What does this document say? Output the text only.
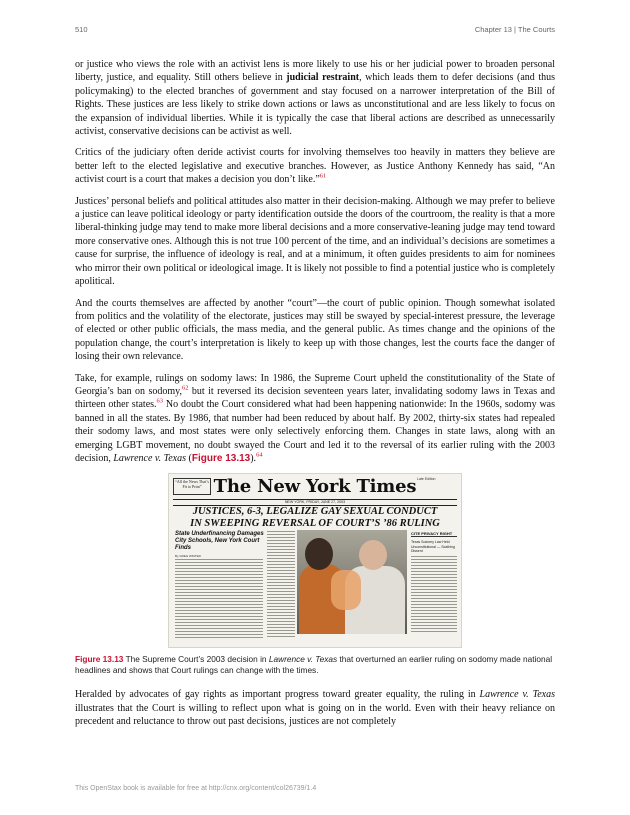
510	Chapter 13 | The Courts

or justice who views the role with an activist lens is more likely to use his or her judicial power to broaden personal liberty, justice, and equality. Still others believe in judicial restraint, which leads them to defer decisions (and thus policymaking) to the elected branches of government and stay focused on a narrower interpretation of the Bill of Rights. These justices are less likely to strike down actions or laws as unconstitutional and are less likely to focus on the expansion of individual liberties. While it is typically the case that liberal actions are described as unnecessarily activist, conservative decisions can be activist as well.

Critics of the judiciary often deride activist courts for involving themselves too heavily in matters they believe are better left to the elected legislative and executive branches. However, as Justice Anthony Kennedy has said, “An activist court is a court that makes a decision you don’t like.”$^{61}$

Justices’ personal beliefs and political attitudes also matter in their decision-making. Although we may prefer to believe a justice can leave political ideology or party identification outside the doors of the courtroom, the reality is that a more liberal-thinking judge may tend to make more liberal decisions and a more conservative-leaning judge may tend toward more conservative ones. Although this is not true 100 percent of the time, and an individual’s decisions are sometimes a cause for surprise, the influence of ideology is real, and at a minimum, it often guides presidents to aim for nominees who mirror their own political or ideological image. It is likely not possible to find a potential justice who is completely apolitical.

And the courts themselves are affected by another “court”—the court of public opinion. Though somewhat isolated from politics and the volatility of the electorate, justices may still be swayed by special-interest pressure, the leverage of elected or other public officials, the mass media, and the general public. As times change and the opinions of the population change, the court’s interpretation is likely to keep up with those changes, lest the courts face the danger of losing their own relevance.

Take, for example, rulings on sodomy laws: In 1986, the Supreme Court upheld the constitutionality of the State of Georgia’s ban on sodomy,$^{62}$ but it reversed its decision seventeen years later, invalidating sodomy laws in Texas and thirteen other states.$^{63}$ No doubt the Court considered what had been happening nationwide: In the 1960s, sodomy was banned in all the states. By 1986, that number had been reduced by about half. By 2002, thirty-six states had repealed their sodomy laws, and most states were only selectively enforcing them. Changes in state laws, along with an emerging LGBT movement, no doubt swayed the Court and led it to the reversal of its earlier ruling with the 2003 decision, Lawrence v. Texas (Figure 13.13).$^{64}$

“All the News That’s Fit to Print”
Late Edition
The New York Times
NEW YORK, FRIDAY, JUNE 27, 2003
JUSTICES, 6-3, LEGALIZE GAY SEXUAL CONDUCT
IN SWEEPING REVERSAL OF COURT’S ’86 RULING
State Underfinancing Damages City Schools, New York Court Finds
By GREG WINTER
CITE PRIVACY RIGHT
Texas Sodomy Law Held Unconstitutional — Scathing Dissent
Figure 13.13 The Supreme Court’s 2003 decision in Lawrence v. Texas that overturned an earlier ruling on sodomy made national headlines and shows that Court rulings can change with the times.

Heralded by advocates of gay rights as important progress toward greater equality, the ruling in Lawrence v. Texas illustrates that the Court is willing to reflect upon what is going on in the world. Even with their heavy reliance on precedent and reluctance to throw out past decisions, justices are not completely

This OpenStax book is available for free at http://cnx.org/content/col26739/1.4
